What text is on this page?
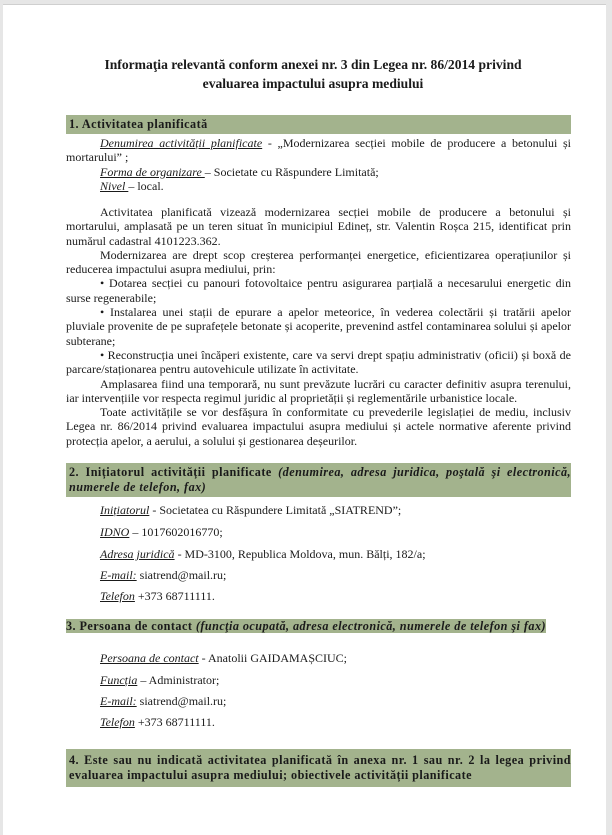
Informaţia relevantă conform anexei nr. 3 din Legea nr. 86/2014 privind
evaluarea impactului asupra mediului
1. Activitatea planificată

Denumirea activității planificate - „Modernizarea secției mobile de producere a betonului și mortarului” ;

Forma de organizare – Societate cu Răspundere Limitată;

Nivel – local.

Activitatea planificată vizează modernizarea secției mobile de producere a betonului și mortarului, amplasată pe un teren situat în municipiul Edineț, str. Valentin Roșca 215, identificat prin numărul cadastral 4101223.362.

Modernizarea are drept scop creșterea performanței energetice, eficientizarea operațiunilor și reducerea impactului asupra mediului, prin:

• Dotarea secției cu panouri fotovoltaice pentru asigurarea parțială a necesarului energetic din surse regenerabile;

• Instalarea unei stații de epurare a apelor meteorice, în vederea colectării și tratării apelor pluviale provenite de pe suprafețele betonate și acoperite, prevenind astfel contaminarea solului și apelor subterane;

• Reconstrucția unei încăperi existente, care va servi drept spațiu administrativ (oficii) și boxă de parcare/staționarea pentru autovehicule utilizate în activitate.

Amplasarea fiind una temporară, nu sunt prevăzute lucrări cu caracter definitiv asupra terenului, iar intervențiile vor respecta regimul juridic al proprietății și reglementările urbanistice locale.

Toate activitățile se vor desfășura în conformitate cu prevederile legislației de mediu, inclusiv Legea nr. 86/2014 privind evaluarea impactului asupra mediului și actele normative aferente privind protecția apelor, a aerului, a solului și gestionarea deșeurilor.

2. Inițiatorul activității planificate (denumirea, adresa juridica, poştală şi electronică, numerele de telefon, fax)
Inițiatorul - Societatea cu Răspundere Limitată „SIATREND”;
IDNO – 1017602016770;
Adresa juridică - MD-3100, Republica Moldova, mun. Bălți, 182/a;
E-mail: siatrend@mail.ru;
Telefon +373 68711111.
3. Persoana de contact (funcţia ocupată, adresa electronică, numerele de telefon şi fax)
Persoana de contact - Anatolii GAIDAMAȘCIUC;
Funcția – Administrator;
E-mail: siatrend@mail.ru;
Telefon +373 68711111.
4. Este sau nu indicată activitatea planificată în anexa nr. 1 sau nr. 2 la legea privind evaluarea impactului asupra mediului; obiectivele activității planificate
